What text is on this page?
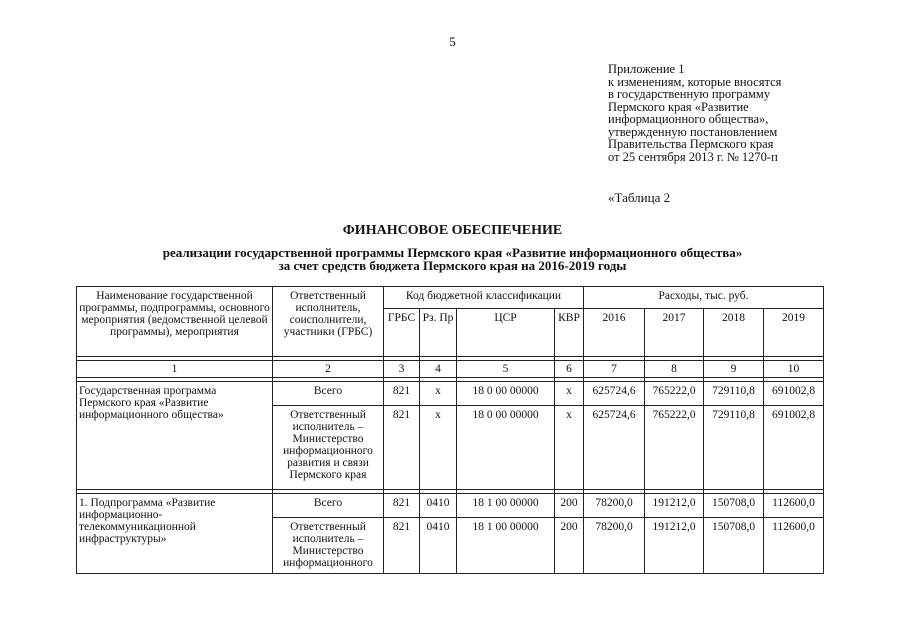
5
Приложение 1
к изменениям, которые вносятся
в государственную программу
Пермского края «Развитие
информационного общества»,
утвержденную постановлением
Правительства Пермского края
от 25 сентября 2013 г. № 1270-п
«Таблица 2
ФИНАНСОВОЕ ОБЕСПЕЧЕНИЕ
реализации государственной программы Пермского края «Развитие информационного общества»
за счет средств бюджета Пермского края на 2016-2019 годы
Наименование государственной программы, подпрограммы, основного мероприятия (ведомственной целевой программы), мероприятия	Ответственный исполнитель, соисполнители, участники (ГРБС)	Код бюджетной классификации				Расходы, тыс. руб.			
		ГРБС	Рз. Пр	ЦСР	КВР	2016	2017	2018	2019

1	2	3	4	5	6	7	8	9	10

Государственная программа Пермского края «Развитие информационного общества»	Всего	821	х	18 0 00 00000	х	625724,6	765222,0	729110,8	691002,8
	Ответственный исполнитель – Министерство информационного развития и связи Пермского края	821	х	18 0 00 00000	х	625724,6	765222,0	729110,8	691002,8

1. Подпрограмма «Развитие информационно-телекоммуникационной инфраструктуры»	Всего	821	0410	18 1 00 00000	200	78200,0	191212,0	150708,0	112600,0
	Ответственный исполнитель – Министерство информационного	821	0410	18 1 00 00000	200	78200,0	191212,0	150708,0	112600,0
